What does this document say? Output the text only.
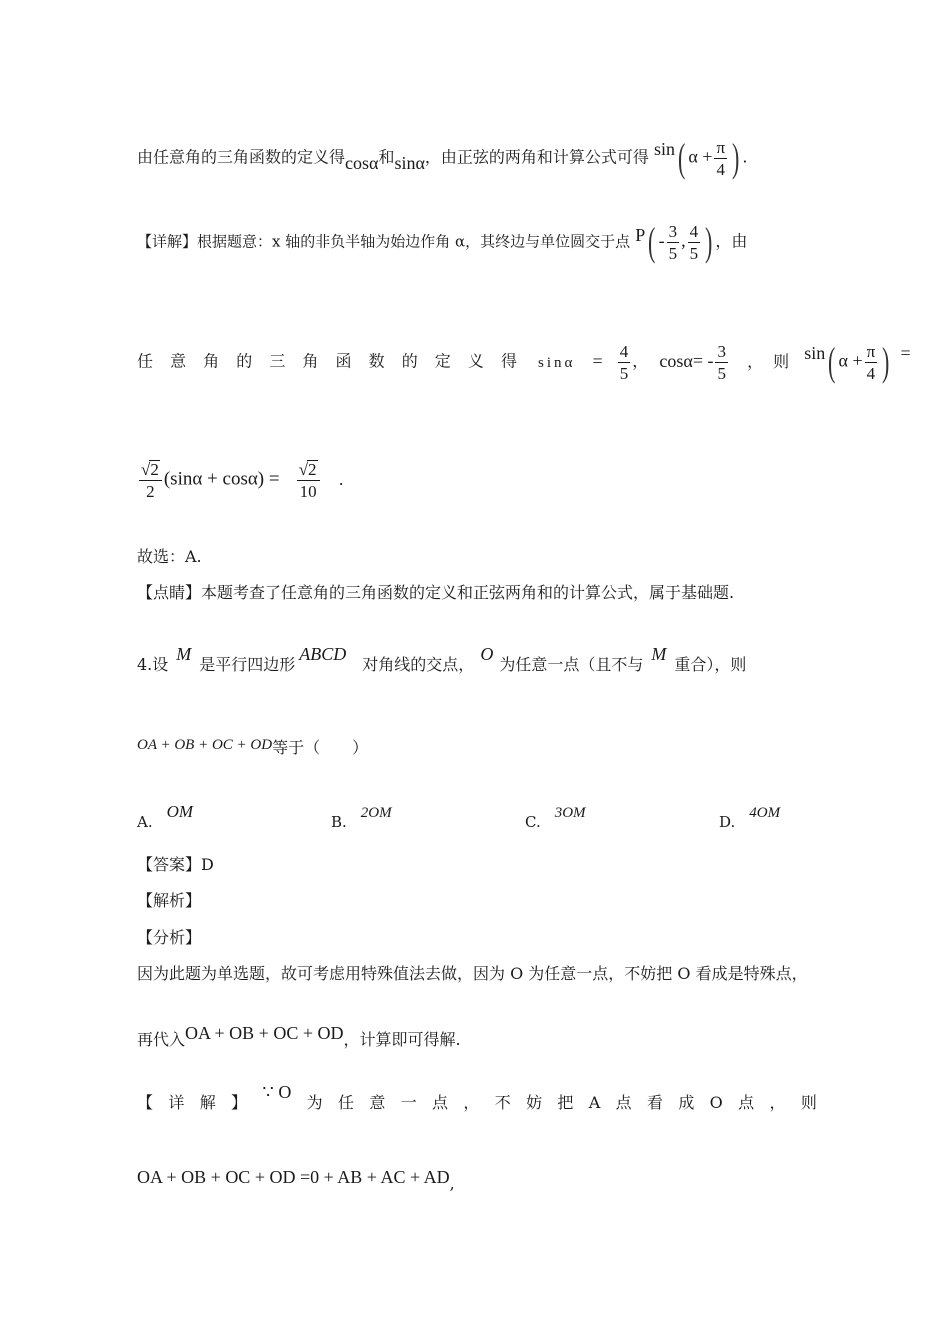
由任意角的三角函数的定义得cosα和sinα，由正弦的两角和计算公式可得 sin( $\alpha + \frac{\pi}{4}$ ) .
【详解】根据题意：x 轴的非负半轴为始边作角 α，其终边与单位圆交于点 $P( - \frac{3}{5}$ , $\frac{4}{5}$ ) ，由
任 意 角 的 三 角 函 数 的 定 义 得 $\sin\alpha = \frac{4}{5}$ ， $\cos\alpha= - \frac{3}{5}$ ， 则 sin( $\alpha + \frac{\pi}{4}$ ) =
$\frac{√2}{2} (\sin\alpha + \cos\alpha) = \frac{√2}{10}$ .
故选：A.
【点睛】本题考查了任意角的三角函数的定义和正弦两角和的计算公式，属于基础题.
4.设M是平行四边形ABCD对角线的交点，O为任意一点（且不与M重合），则
OA + OB + OC + OD等于（　　）
A.OM
B. 2OM	C. 3OM	D. 4OM
【答案】D
【解析】
【分析】
因为此题为单选题，故可考虑用特殊值法去做，因为 O 为任意一点，不妨把 O 看成是特殊点，
再代入OA + OB + OC + OD，计算即可得解.
【 详 解 】
∵ O
为 任 意 一 点 ， 不 妨 把 A 点 看 成 O 点 ， 则
OA + OB + OC + OD =0 + AB + AC + AD,
